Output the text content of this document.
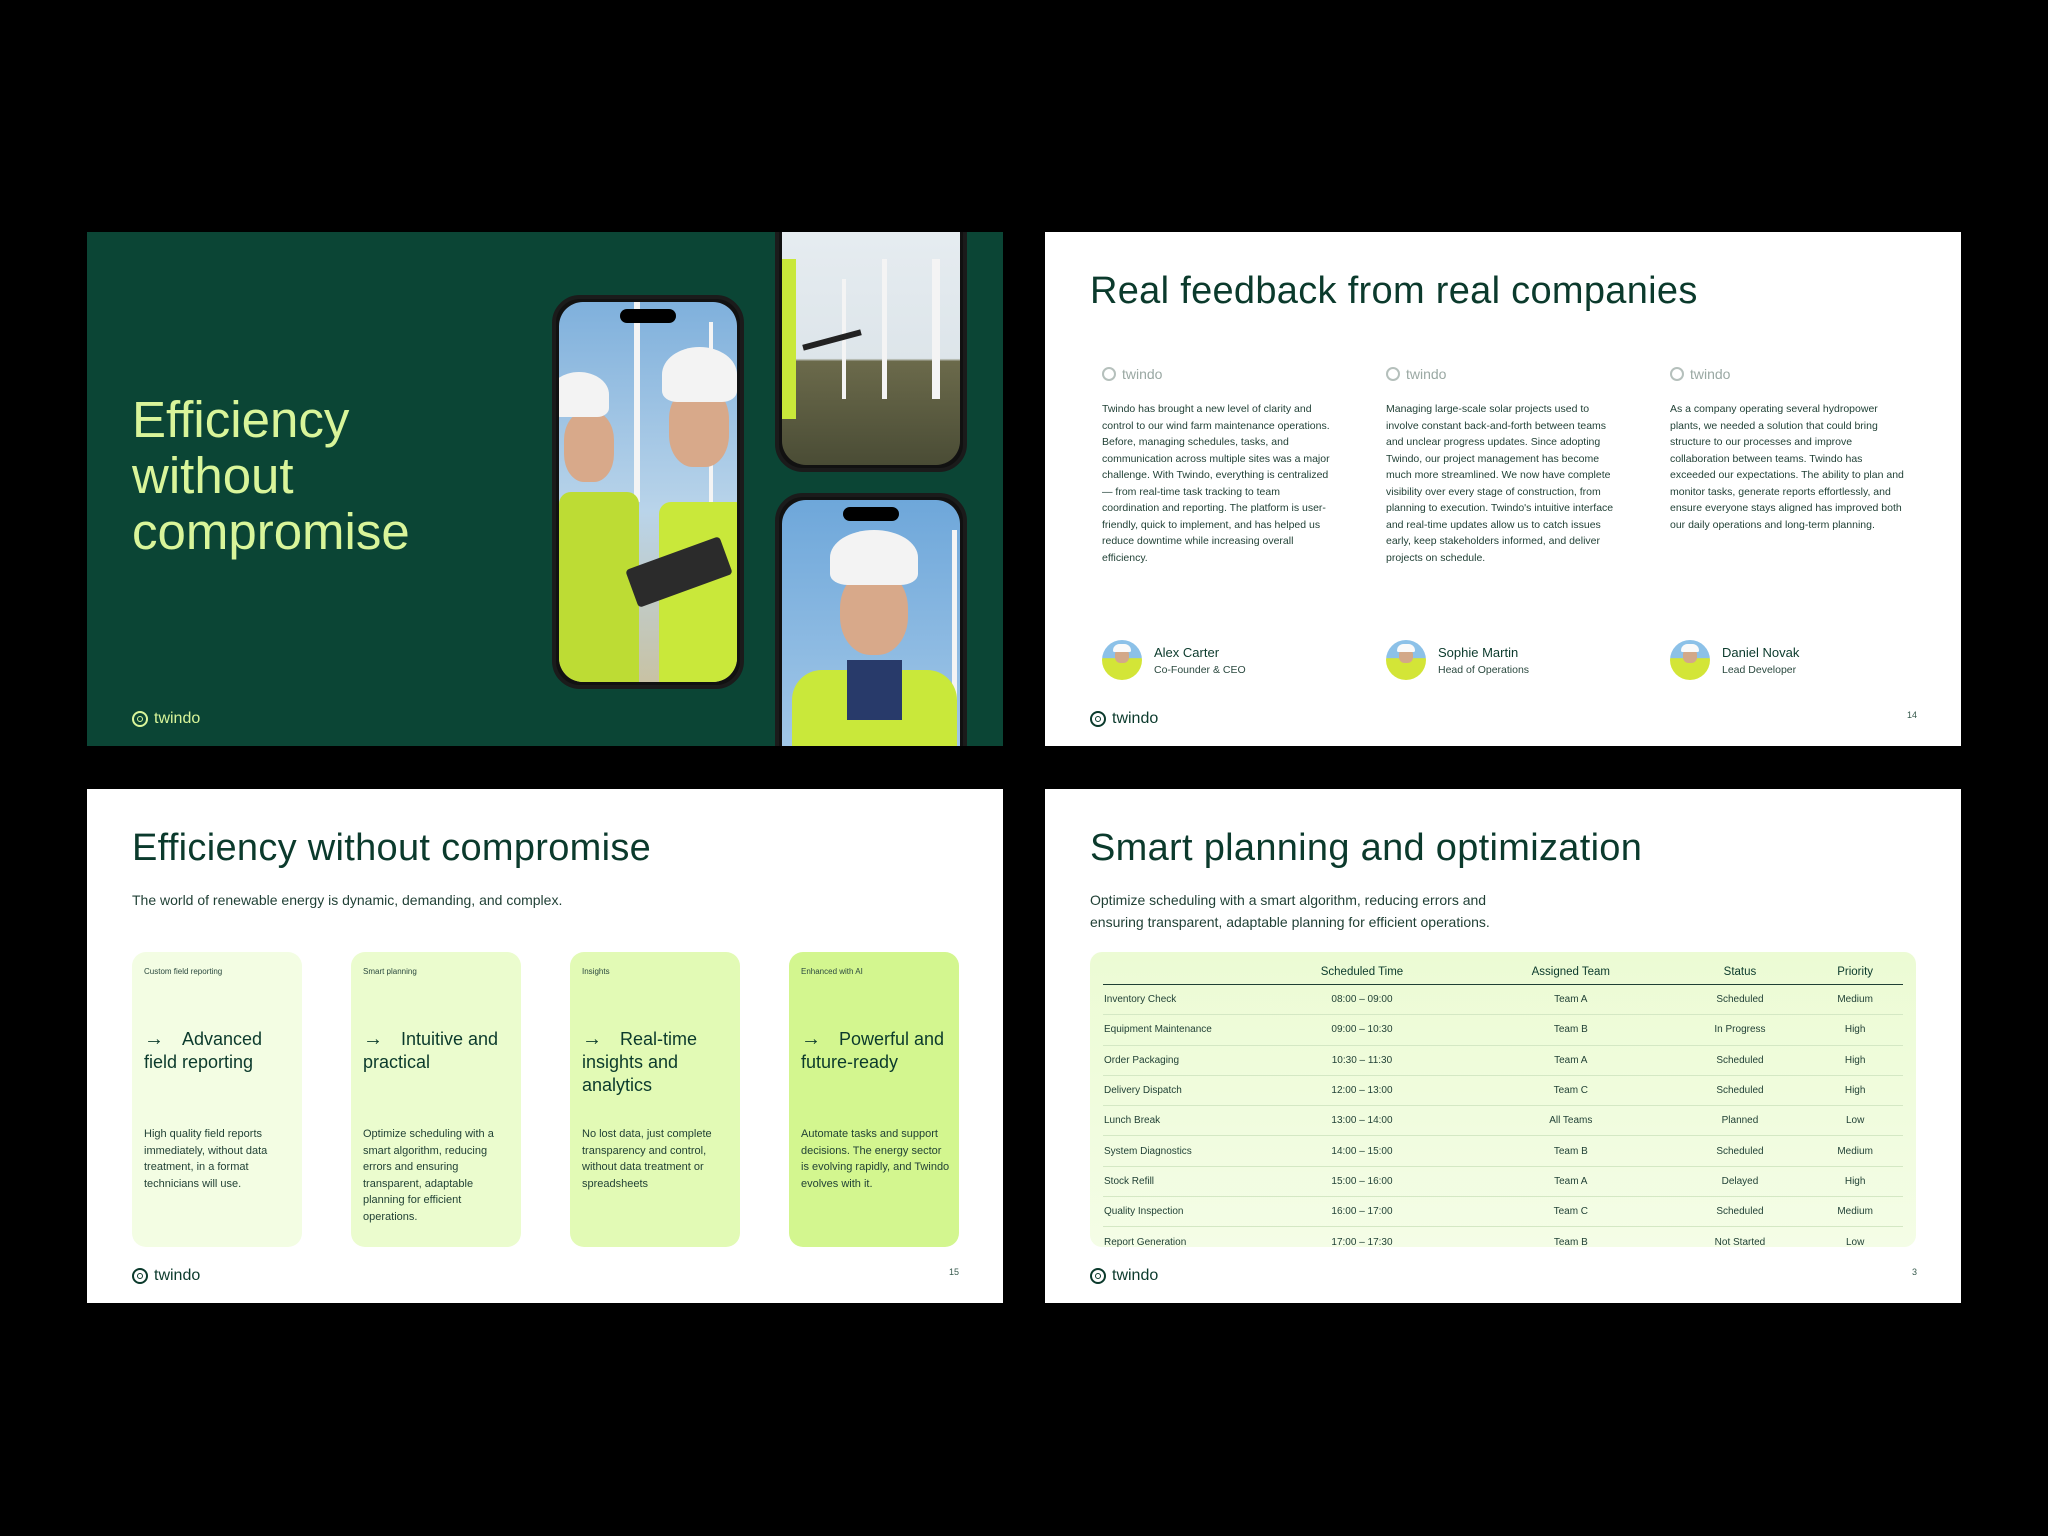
Efficiency without compromise
twindo
Real feedback from real companies
twindo
Twindo has brought a new level of clarity and control to our wind farm maintenance operations. Before, managing schedules, tasks, and communication across multiple sites was a major challenge. With Twindo, everything is centralized — from real-time task tracking to team coordination and reporting. The platform is user-friendly, quick to implement, and has helped us reduce downtime while increasing overall efficiency.
Alex Carter
Co-Founder & CEO
twindo
Managing large-scale solar projects used to involve constant back-and-forth between teams and unclear progress updates. Since adopting Twindo, our project management has become much more streamlined. We now have complete visibility over every stage of construction, from planning to execution. Twindo's intuitive interface and real-time updates allow us to catch issues early, keep stakeholders informed, and deliver projects on schedule.
Sophie Martin
Head of Operations
twindo
As a company operating several hydropower plants, we needed a solution that could bring structure to our processes and improve collaboration between teams. Twindo has exceeded our expectations. The ability to plan and monitor tasks, generate reports effortlessly, and ensure everyone stays aligned has improved both our daily operations and long-term planning.
Daniel Novak
Lead Developer
twindo	14
Efficiency without compromise
The world of renewable energy is dynamic, demanding, and complex.
Custom field reporting
→ Advanced field reporting
High quality field reports immediately, without data treatment, in a format technicians will use.
Smart planning
→ Intuitive and practical
Optimize scheduling with a smart algorithm, reducing errors and ensuring transparent, adaptable planning for efficient operations.
Insights
→ Real-time insights and analytics
No lost data, just complete transparency and control, without data treatment or spreadsheets
Enhanced with AI
→ Powerful and future-ready
Automate tasks and support decisions. The energy sector is evolving rapidly, and Twindo evolves with it.
twindo	15
Smart planning and optimization
Optimize scheduling with a smart algorithm, reducing errors and
ensuring transparent, adaptable planning for efficient operations.
	Scheduled Time	Assigned Team	Status	Priority
Inventory Check	08:00 – 09:00	Team A	Scheduled	Medium
Equipment Maintenance	09:00 – 10:30	Team B	In Progress	High
Order Packaging	10:30 – 11:30	Team A	Scheduled	High
Delivery Dispatch	12:00 – 13:00	Team C	Scheduled	High
Lunch Break	13:00 – 14:00	All Teams	Planned	Low
System Diagnostics	14:00 – 15:00	Team B	Scheduled	Medium
Stock Refill	15:00 – 16:00	Team A	Delayed	High
Quality Inspection	16:00 – 17:00	Team C	Scheduled	Medium
Report Generation	17:00 – 17:30	Team B	Not Started	Low
twindo	3
